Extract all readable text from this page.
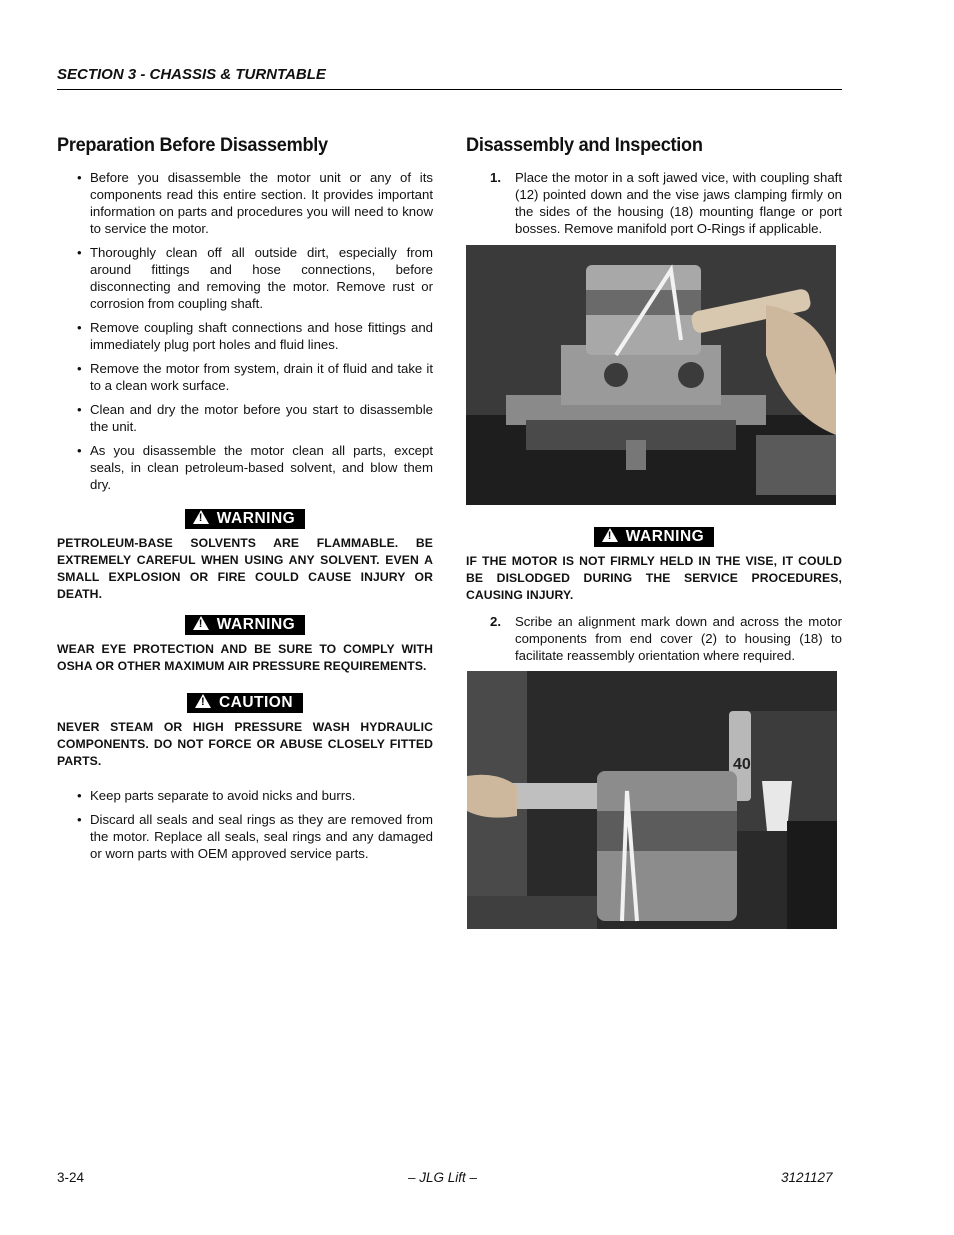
SECTION 3 - CHASSIS & TURNTABLE
Preparation Before Disassembly
• Before you disassemble the motor unit or any of its components read this entire section. It provides important information on parts and procedures you will need to know to service the motor.
• Thoroughly clean off all outside dirt, especially from around fittings and hose connections, before disconnecting and removing the motor. Remove rust or corrosion from coupling shaft.
• Remove coupling shaft connections and hose fittings and immediately plug port holes and fluid lines.
• Remove the motor from system, drain it of fluid and take it to a clean work surface.
• Clean and dry the motor before you start to disassemble the unit.
• As you disassemble the motor clean all parts, except seals, in clean petroleum-based solvent, and blow them dry.
! WARNING

PETROLEUM-BASE SOLVENTS ARE FLAMMABLE. BE EXTREMELY CAREFUL WHEN USING ANY SOLVENT. EVEN A SMALL EXPLOSION OR FIRE COULD CAUSE INJURY OR DEATH.

! WARNING

WEAR EYE PROTECTION AND BE SURE TO COMPLY WITH OSHA OR OTHER MAXIMUM AIR PRESSURE REQUIREMENTS.

! CAUTION

NEVER STEAM OR HIGH PRESSURE WASH HYDRAULIC COMPONENTS. DO NOT FORCE OR ABUSE CLOSELY FITTED PARTS.

• Keep parts separate to avoid nicks and burrs.
• Discard all seals and seal rings as they are removed from the motor. Replace all seals, seal rings and any damaged or worn parts with OEM approved service parts.
Disassembly and Inspection
1. Place the motor in a soft jawed vice, with coupling shaft (12) pointed down and the vise jaws clamping firmly on the sides of the housing (18) mounting flange or port bosses. Remove manifold port O-Rings if applicable.
! WARNING

IF THE MOTOR IS NOT FIRMLY HELD IN THE VISE, IT COULD BE DISLODGED DURING THE SERVICE PROCEDURES, CAUSING INJURY.

2. Scribe an alignment mark down and across the motor components from end cover (2) to housing (18) to facilitate reassembly orientation where required.
40
3-24	– JLG Lift –	3121127
